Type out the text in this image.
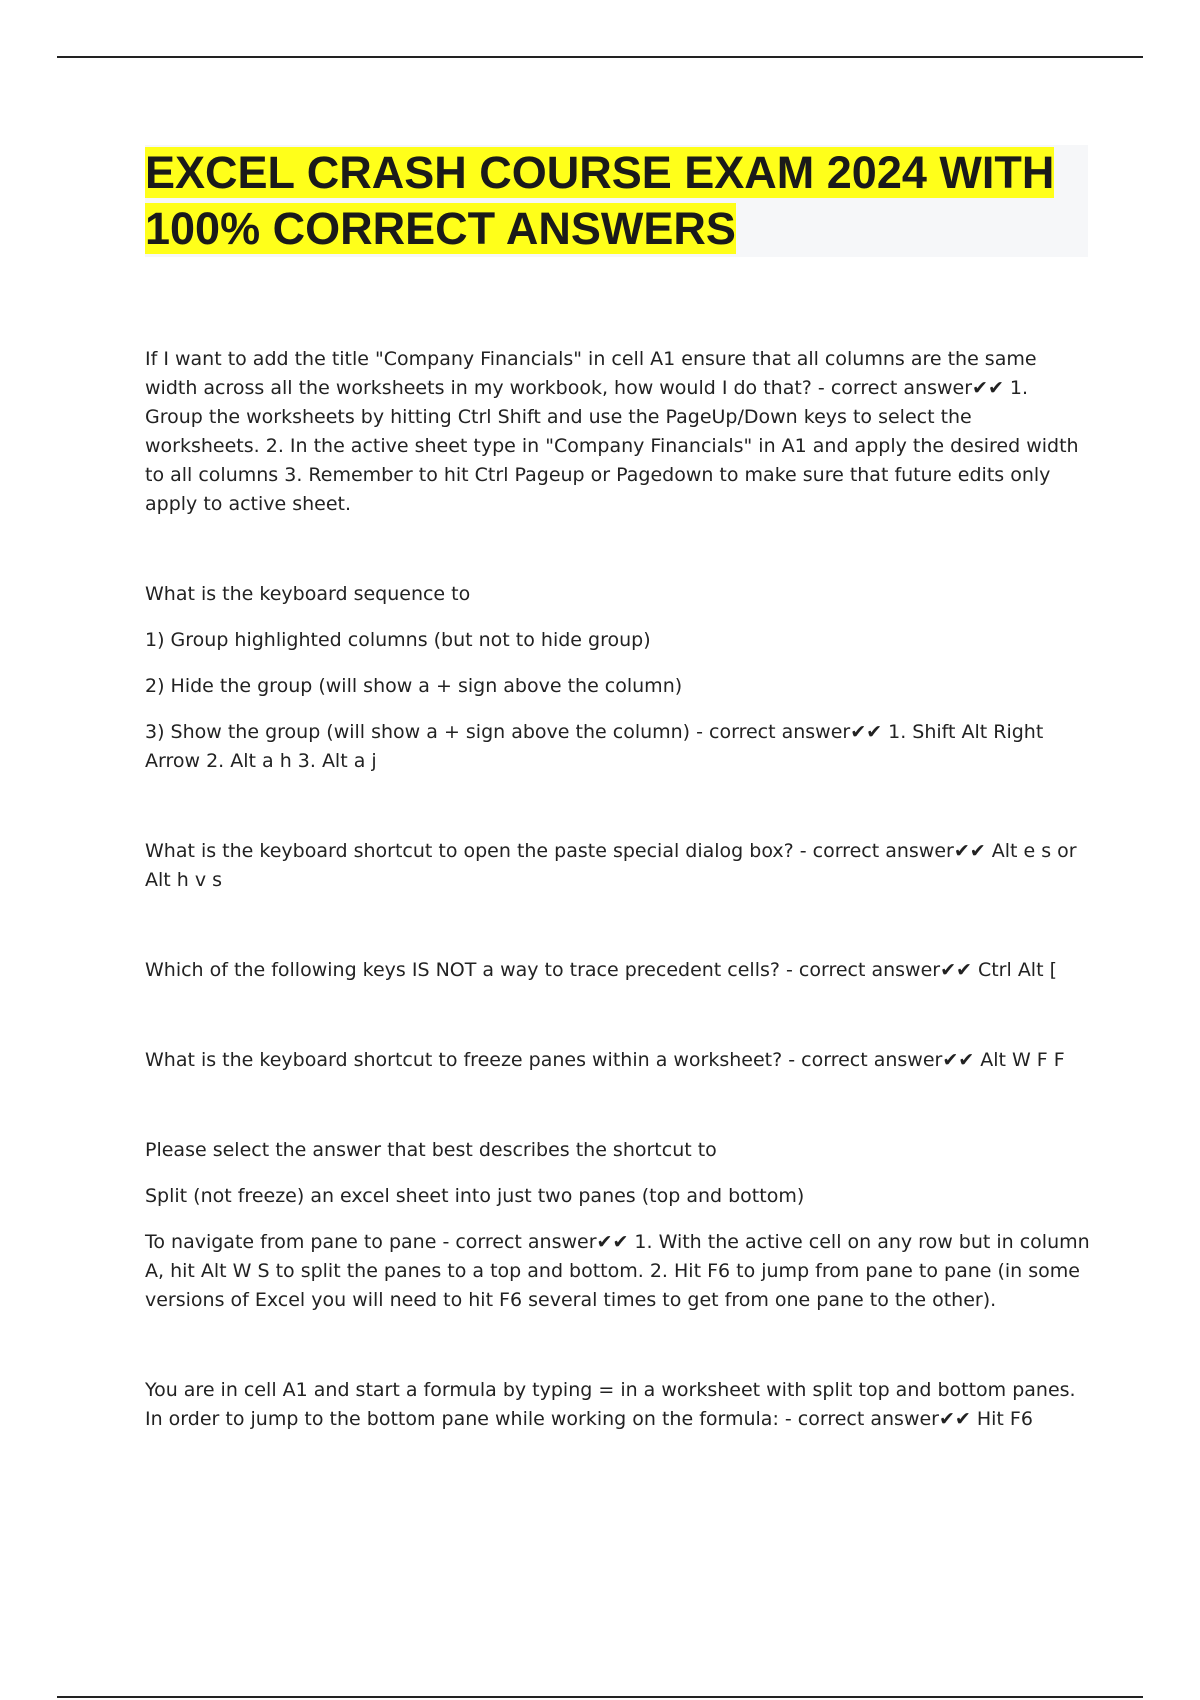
EXCEL CRASH COURSE EXAM 2024 WITH 100% CORRECT ANSWERS

If I want to add the title "Company Financials" in cell A1 ensure that all columns are the same width across all the worksheets in my workbook, how would I do that? - correct answer✔✔ 1. Group the worksheets by hitting Ctrl Shift and use the PageUp/Down keys to select the worksheets. 2. In the active sheet type in "Company Financials" in A1 and apply the desired width to all columns 3. Remember to hit Ctrl Pageup or Pagedown to make sure that future edits only apply to active sheet.

What is the keyboard sequence to

1) Group highlighted columns (but not to hide group)

2) Hide the group (will show a + sign above the column)

3) Show the group (will show a + sign above the column) - correct answer✔✔ 1. Shift Alt Right Arrow 2. Alt a h 3. Alt a j

What is the keyboard shortcut to open the paste special dialog box? - correct answer✔✔ Alt e s or Alt h v s

Which of the following keys IS NOT a way to trace precedent cells? - correct answer✔✔ Ctrl Alt [

What is the keyboard shortcut to freeze panes within a worksheet? - correct answer✔✔ Alt W F F

Please select the answer that best describes the shortcut to

Split (not freeze) an excel sheet into just two panes (top and bottom)

To navigate from pane to pane - correct answer✔✔ 1. With the active cell on any row but in column A, hit Alt W S to split the panes to a top and bottom. 2. Hit F6 to jump from pane to pane (in some versions of Excel you will need to hit F6 several times to get from one pane to the other).

You are in cell A1 and start a formula by typing = in a worksheet with split top and bottom panes. In order to jump to the bottom pane while working on the formula: - correct answer✔✔ Hit F6
